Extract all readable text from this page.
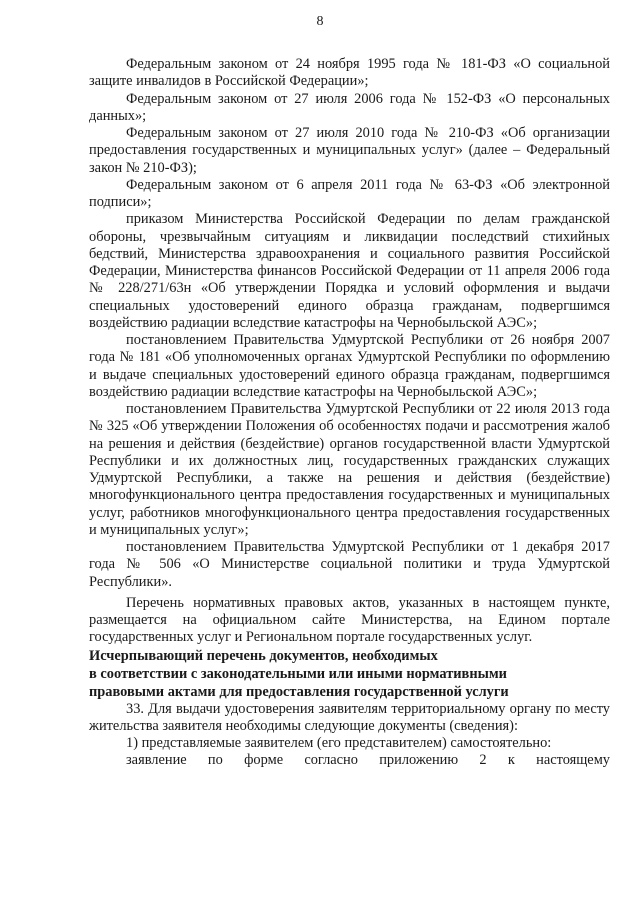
8

Федеральным законом от 24 ноября 1995 года № 181-ФЗ «О социальной защите инвалидов в Российской Федерации»;

Федеральным законом от 27 июля 2006 года № 152-ФЗ «О персональных данных»;

Федеральным законом от 27 июля 2010 года № 210-ФЗ «Об организации предоставления государственных и муниципальных услуг» (далее – Федеральный закон № 210-ФЗ);

Федеральным законом от 6 апреля 2011 года № 63-ФЗ «Об электронной подписи»;

приказом Министерства Российской Федерации по делам гражданской обороны, чрезвычайным ситуациям и ликвидации последствий стихийных бедствий, Министерства здравоохранения и социального развития Российской Федерации, Министерства финансов Российской Федерации от 11 апреля 2006 года № 228/271/63н «Об утверждении Порядка и условий оформления и выдачи специальных удостоверений единого образца гражданам, подвергшимся воздействию радиации вследствие катастрофы на Чернобыльской АЭС»;

постановлением Правительства Удмуртской Республики от 26 ноября 2007 года № 181 «Об уполномоченных органах Удмуртской Республики по оформлению и выдаче специальных удостоверений единого образца гражданам, подвергшимся воздействию радиации вследствие катастрофы на Чернобыльской АЭС»;

постановлением Правительства Удмуртской Республики от 22 июля 2013 года № 325 «Об утверждении Положения об особенностях подачи и рассмотрения жалоб на решения и действия (бездействие) органов государственной власти Удмуртской Республики и их должностных лиц, государственных гражданских служащих Удмуртской Республики, а также на решения и действия (бездействие) многофункционального центра предоставления государственных и муниципальных услуг, работников многофункционального центра предоставления государственных и муниципальных услуг»;

постановлением Правительства Удмуртской Республики от 1 декабря 2017 года № 506 «О Министерстве социальной политики и труда Удмуртской Республики».

Перечень нормативных правовых актов, указанных в настоящем пункте, размещается на официальном сайте Министерства, на Едином портале государственных услуг и Региональном портале государственных услуг.

Исчерпывающий перечень документов, необходимых
в соответствии с законодательными или иными нормативными
правовыми актами для предоставления государственной услуги

33. Для выдачи удостоверения заявителям территориальному органу по месту жительства заявителя необходимы следующие документы (сведения):

1) представляемые заявителем (его представителем) самостоятельно:

заявление по форме согласно приложению 2 к настоящему
